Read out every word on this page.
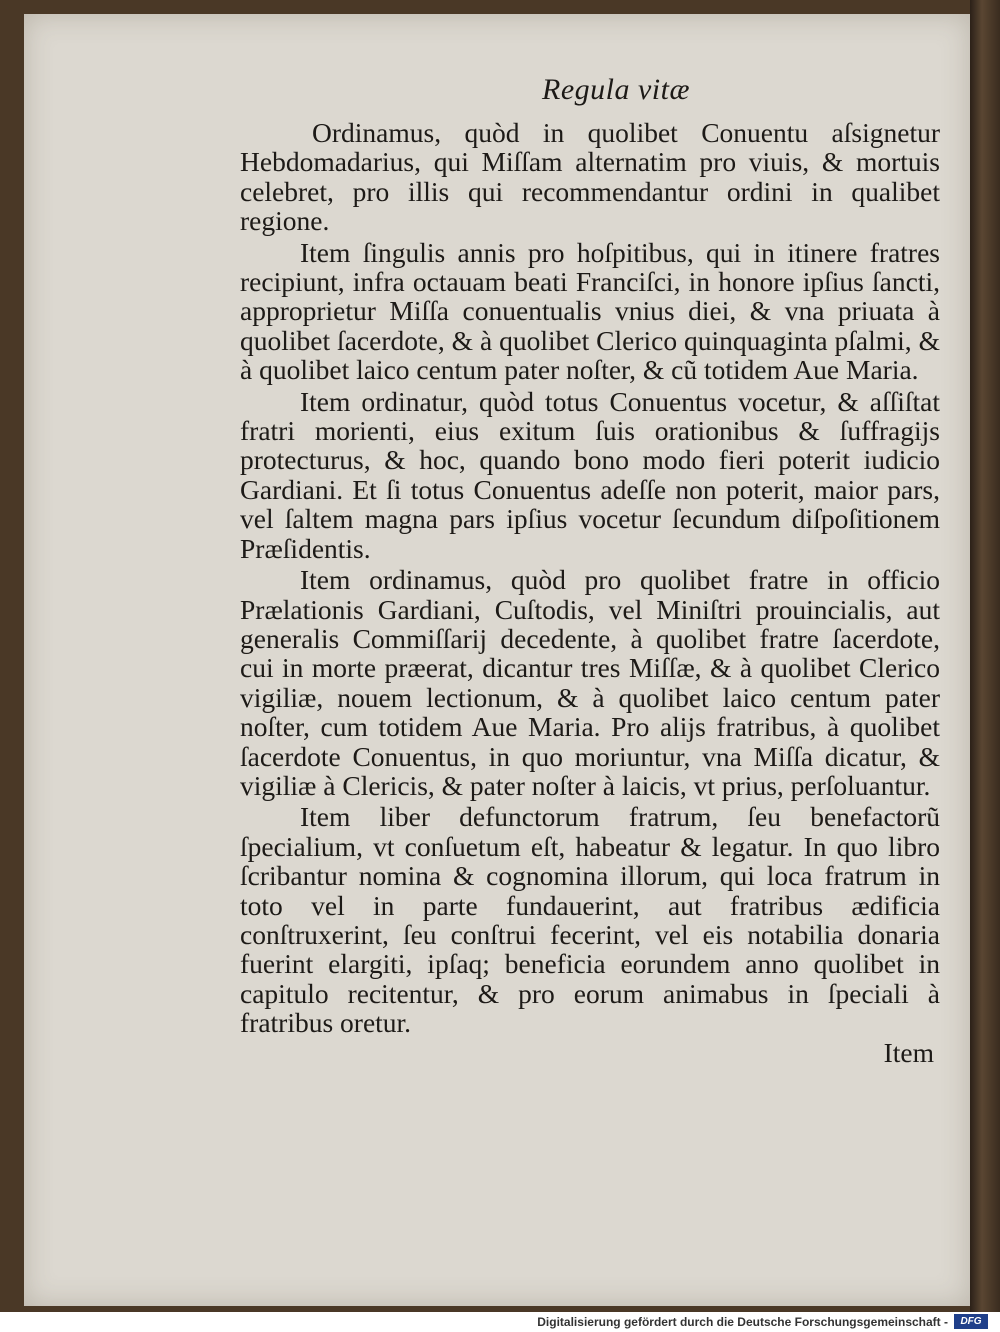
Regula vitæ

Ordinamus, quòd in quolibet Conuentu aſsignetur Hebdomadarius, qui Miſſam alternatim pro viuis, & mortuis celebret, pro illis qui recommendantur ordini in qualibet regione.

Item ſingulis annis pro hoſpitibus, qui in itinere fratres recipiunt, infra octauam beati Franciſci, in honore ipſius ſancti, approprietur Miſſa conuentualis vnius diei, & vna priuata à quolibet ſacerdote, & à quolibet Clerico quinquaginta pſalmi, & à quolibet laico centum pater noſter, & cũ totidem Aue Maria.

Item ordinatur, quòd totus Conuentus vocetur, & aſſiſtat fratri morienti, eius exitum ſuis orationibus & ſuffragijs protecturus, & hoc, quando bono modo fieri poterit iudicio Gardiani. Et ſi totus Conuentus adeſſe non poterit, maior pars, vel ſaltem magna pars ipſius vocetur ſecundum diſpoſitionem Præſidentis.

Item ordinamus, quòd pro quolibet fratre in officio Prælationis Gardiani, Cuſtodis, vel Miniſtri prouincialis, aut generalis Commiſſarij decedente, à quolibet fratre ſacerdote, cui in morte præerat, dicantur tres Miſſæ, & à quolibet Clerico vigiliæ, nouem lectionum, & à quolibet laico centum pater noſter, cum totidem Aue Maria. Pro alijs fratribus, à quolibet ſacerdote Conuentus, in quo moriuntur, vna Miſſa dicatur, & vigiliæ à Clericis, & pater noſter à laicis, vt prius, perſoluantur.

Item liber defunctorum fratrum, ſeu benefactorũ ſpecialium, vt conſuetum eſt, habeatur & legatur. In quo libro ſcribantur nomina & cognomina illorum, qui loca fratrum in toto vel in parte fundauerint, aut fratribus ædificia conſtruxerint, ſeu conſtrui fecerint, vel eis notabilia donaria fuerint elargiti, ipſaq; beneficia eorundem anno quolibet in capitulo recitentur, & pro eorum animabus in ſpeciali à fratribus oretur.

Item
Digitalisierung gefördert durch die Deutsche Forschungsgemeinschaft -	DFG
